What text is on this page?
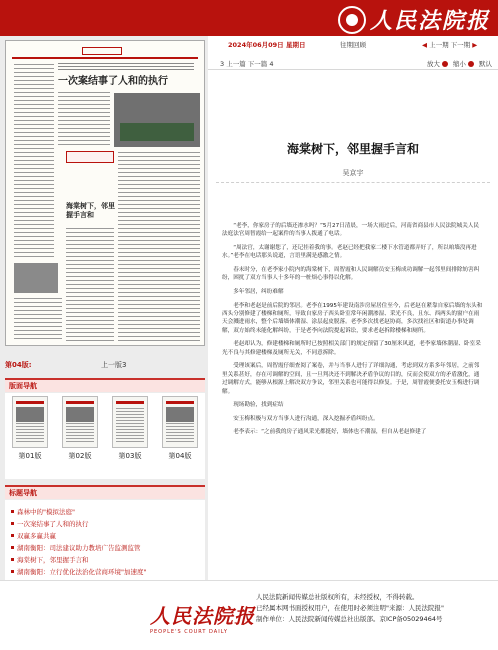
人民法院报
一次案结事了人和的执行
海棠树下，邻里握手言和
第04版:	上一版3
版面导航
第01版	第02版	第03版	第04版
标题导航
森林中的"模拟法庭"
一次案结事了人和的执行
双赢多赢共赢
湖南衡阳：司法建议助力教培广告监测监管
海棠树下，邻里握手言和
湖南衡阳：立行优化法治化营商环境"加速度"
2024年06月09日 星期日	往期回顾	◀ 上一期 下一期 ▶
3 上一篇 下一篇 4	放大	缩小	默认
海棠树下，邻里握手言和
吴京宇

“老李，你家房子的后墙还渗水吗？”5月27日清晨，一场大雨过后，河南省商县市人民法院城关人民法庭法官周智霞给一起案件的当事人拨通了电话。

“周法官，太谢谢您了，还记挂着我的事。老赵已经把我家二楼下水管道都弄好了，所以咱墙没再进水。”老李在电话那头说道，言语里满是感激之情。

春末时分，在老李家小院内的海棠树下，周智霞和人民调解员安玉梅成功调解一起邻里间排除妨害纠纷，困扰了双方当事人十多年的一桩烦心事得以化解。

多年邻居，纠纷难解

老李和老赵是前后院的邻居。老李在1995年建设南涉房屋居住至今，后老赵在紧靠自家后墙的东头和西头分别修建了楼梯和厕所，导致自家房子西头卧室常年闲潮渗湿、采光不良，且东、西两头的窗户在雨天会溅进雨水，整个后墙墙体潮湿、涂层起皮脱落。老李多次找老赵协商，多次找社区和街道办事处调解，双方始终未能化解纠纷，于是老李向法院提起诉讼，要求老赵拆除楼梯和厕所。

老赵却认为，修建楼梯和厕所时已按照相关部门的规定预留了30厘米风道，老李家墙体潮湿、卧室采光不良与其修建楼梯及厕所无关，不同意拆除。

受理该案后，周智霞仔细查阅了案卷，并与当事人进行了详细沟通，考虑到双方系多年邻居，之前邻里关系甚好，存在可调解的空间，且一旦判决还不到解决矛盾争议的目的，反而会使双方的矛盾激化，通过调解方式，能够从根源上解决双方争议，邻里关系也可能得以修复。于是，周智霞便委托安玉梅进行调解。

现场勘验，找到症结

安玉梅积极与双方当事人进行沟通，深入挖掘矛盾纠纷点。

老李表示：“之前我的房子通风采光都挺好，墙体也不潮湿，但自从老赵修建了

人民法院报
PEOPLE'S COURT DAILY
人民法院新闻传媒总社版权所有，未经授权，不得转载。
已经属本网书面授权用户，在使用时必须注明"来源：人民法院报"
制作单位：人民法院新闻传媒总社出版部。京ICP备05029464号
